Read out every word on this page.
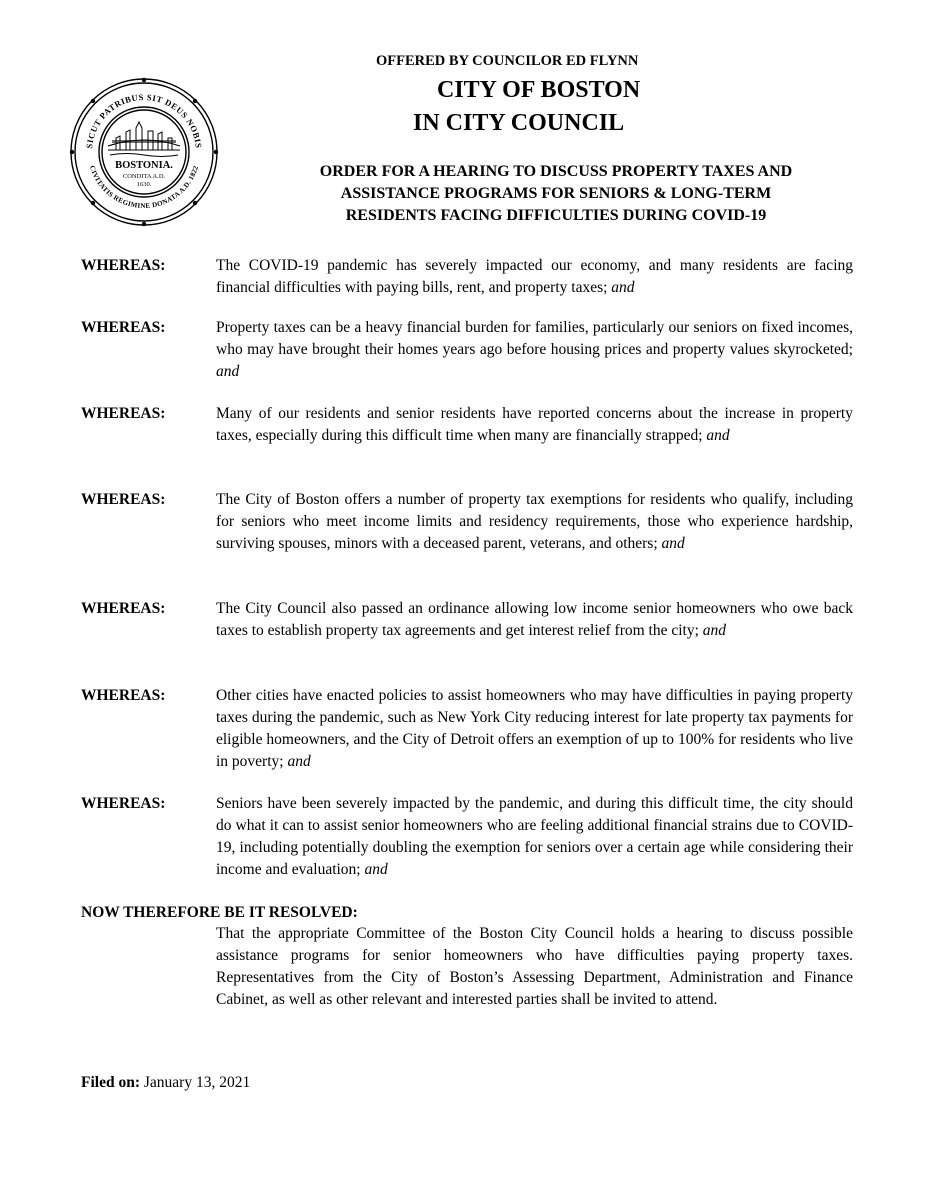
SICUT PATRIBUS SIT DEUS NOBIS
CIVITATIS REGIMINE DONATA A.D. 1822
BOSTONIA.
CONDITA A.D.
1630.
OFFERED BY COUNCILOR ED FLYNN
CITY OF BOSTON
IN CITY COUNCIL
ORDER FOR A HEARING TO DISCUSS PROPERTY TAXES AND
ASSISTANCE PROGRAMS FOR SENIORS & LONG-TERM
RESIDENTS FACING DIFFICULTIES DURING COVID-19
WHEREAS:	The COVID-19 pandemic has severely impacted our economy, and many residents are facing financial difficulties with paying bills, rent, and property taxes; and
WHEREAS:	Property taxes can be a heavy financial burden for families, particularly our seniors on fixed incomes, who may have brought their homes years ago before housing prices and property values skyrocketed; and
WHEREAS:	Many of our residents and senior residents have reported concerns about the increase in property taxes, especially during this difficult time when many are financially strapped; and
WHEREAS:	The City of Boston offers a number of property tax exemptions for residents who qualify, including for seniors who meet income limits and residency requirements, those who experience hardship, surviving spouses, minors with a deceased parent, veterans, and others; and
WHEREAS:	The City Council also passed an ordinance allowing low income senior homeowners who owe back taxes to establish property tax agreements and get interest relief from the city; and
WHEREAS:	Other cities have enacted policies to assist homeowners who may have difficulties in paying property taxes during the pandemic, such as New York City reducing interest for late property tax payments for eligible homeowners, and the City of Detroit offers an exemption of up to 100% for residents who live in poverty; and
WHEREAS:	Seniors have been severely impacted by the pandemic, and during this difficult time, the city should do what it can to assist senior homeowners who are feeling additional financial strains due to COVID-19, including potentially doubling the exemption for seniors over a certain age while considering their income and evaluation; and
NOW THEREFORE BE IT RESOLVED:
That the appropriate Committee of the Boston City Council holds a hearing to discuss possible assistance programs for senior homeowners who have difficulties paying property taxes. Representatives from the City of Boston’s Assessing Department, Administration and Finance Cabinet, as well as other relevant and interested parties shall be invited to attend.
Filed on: January 13, 2021
